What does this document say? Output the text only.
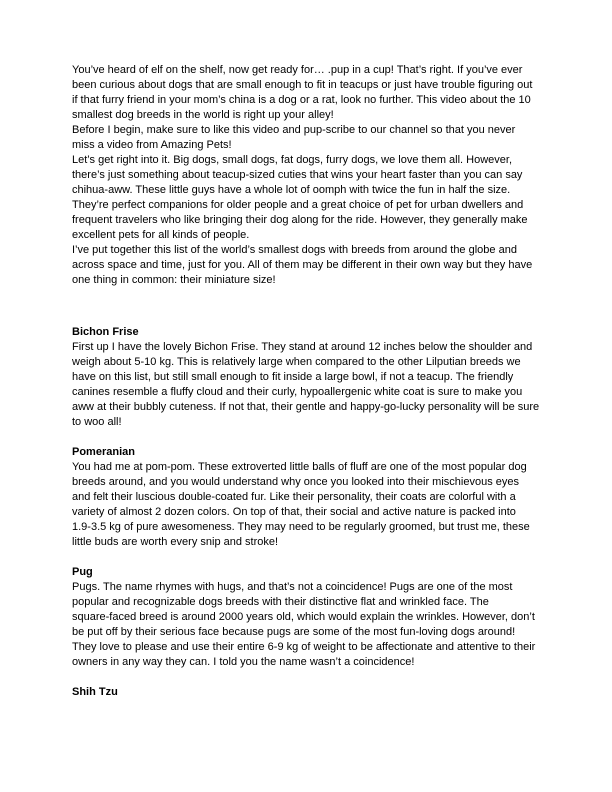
You’ve heard of elf on the shelf, now get ready for… .pup in a cup! That’s right. If you’ve ever
been curious about dogs that are small enough to fit in teacups or just have trouble figuring out
if that furry friend in your mom’s china is a dog or a rat, look no further. This video about the 10
smallest dog breeds in the world is right up your alley!
Before I begin, make sure to like this video and pup-scribe to our channel so that you never
miss a video from Amazing Pets!
Let’s get right into it. Big dogs, small dogs, fat dogs, furry dogs, we love them all. However,
there’s just something about teacup-sized cuties that wins your heart faster than you can say
chihua-aww. These little guys have a whole lot of oomph with twice the fun in half the size.
They’re perfect companions for older people and a great choice of pet for urban dwellers and
frequent travelers who like bringing their dog along for the ride. However, they generally make
excellent pets for all kinds of people.
I’ve put together this list of the world’s smallest dogs with breeds from around the globe and
across space and time, just for you. All of them may be different in their own way but they have
one thing in common: their miniature size!
Bichon Frise
First up I have the lovely Bichon Frise. They stand at around 12 inches below the shoulder and
weigh about 5-10 kg. This is relatively large when compared to the other Lilputian breeds we
have on this list, but still small enough to fit inside a large bowl, if not a teacup. The friendly
canines resemble a fluffy cloud and their curly, hypoallergenic white coat is sure to make you
aww at their bubbly cuteness. If not that, their gentle and happy-go-lucky personality will be sure
to woo all!
Pomeranian
You had me at pom-pom. These extroverted little balls of fluff are one of the most popular dog
breeds around, and you would understand why once you looked into their mischievous eyes
and felt their luscious double-coated fur. Like their personality, their coats are colorful with a
variety of almost 2 dozen colors. On top of that, their social and active nature is packed into
1.9-3.5 kg of pure awesomeness. They may need to be regularly groomed, but trust me, these
little buds are worth every snip and stroke!
Pug
Pugs. The name rhymes with hugs, and that’s not a coincidence! Pugs are one of the most
popular and recognizable dogs breeds with their distinctive flat and wrinkled face. The
square-faced breed is around 2000 years old, which would explain the wrinkles. However, don’t
be put off by their serious face because pugs are some of the most fun-loving dogs around!
They love to please and use their entire 6-9 kg of weight to be affectionate and attentive to their
owners in any way they can. I told you the name wasn’t a coincidence!
Shih Tzu
